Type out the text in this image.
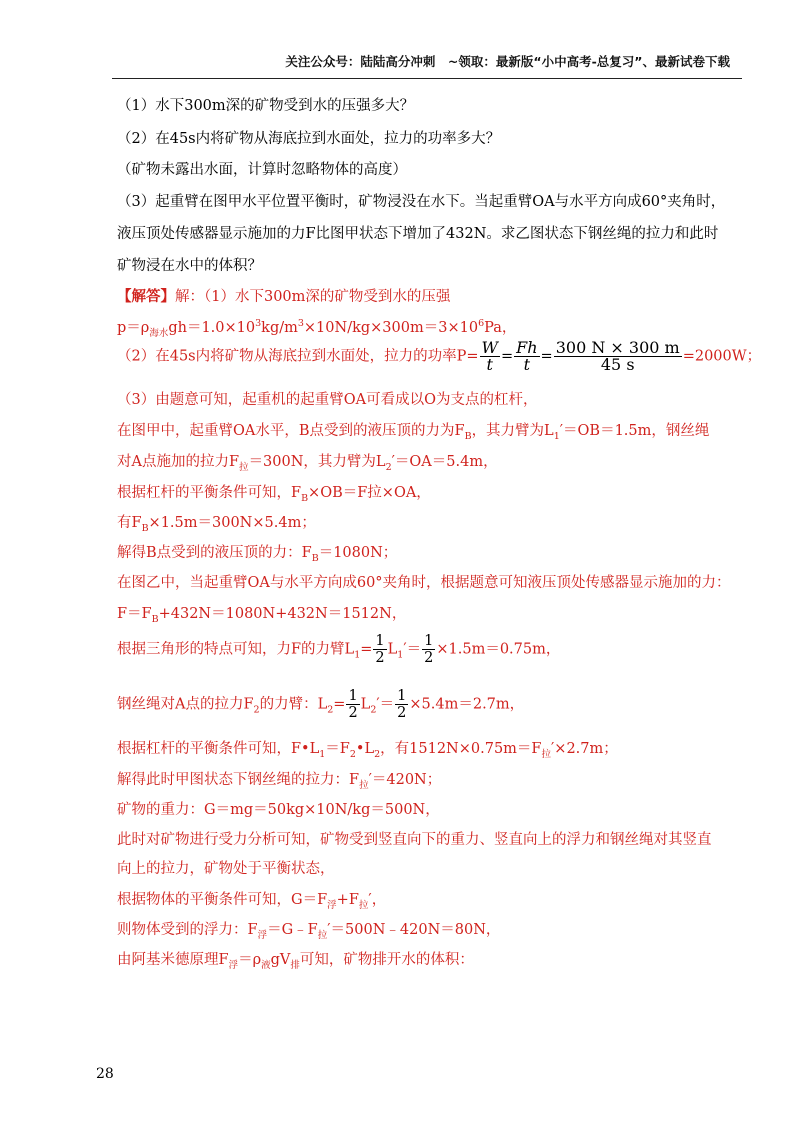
关注公众号：陆陆高分冲刺　~领取：最新版“小中高考-总复习”、最新试卷下载
（1）水下300m深的矿物受到水的压强多大？
（2）在45s内将矿物从海底拉到水面处，拉力的功率多大？
（矿物未露出水面，计算时忽略物体的高度）
（3）起重臂在图甲水平位置平衡时，矿物浸没在水下。当起重臂OA与水平方向成60°夹角时，
液压顶处传感器显示施加的力F比图甲状态下增加了432N。求乙图状态下钢丝绳的拉力和此时
矿物浸在水中的体积？
【解答】解：（1）水下300m深的矿物受到水的压强
$p=\rho_{海水}gh=1.0\times 10^3kg/m^3\times 10N/kg\times 300m=3\times 10^6Pa$，
（2）在45s内将矿物从海底拉到水面处，拉力的功率$P= \frac{W}{t} = \frac{Fh}{t} = \frac{300 N \times 300 m}{45 s} =2000W$；
（3）由题意可知，起重机的起重臂OA可看成以O为支点的杠杆，
在图甲中，起重臂OA水平，B点受到的液压顶的力为$F_B$，其力臂为$L_1'=OB=1.5m$，钢丝绳
对A点施加的拉力$F_拉=300N$，其力臂为$L_2'=OA=5.4m$，
根据杠杆的平衡条件可知，$F_B\times OB=F$拉×OA，
有$F_B\times 1.5m=300N\times 5.4m$；
解得B点受到的液压顶的力：$F_B=1080N$；
在图乙中，当起重臂OA与水平方向成60°夹角时，根据题意可知液压顶处传感器显示施加的力：
$F=F_B+432N=1080N+432N=1512N$，
根据三角形的特点可知，力F的力臂$L_1= \frac{1}{2} L_1'= \frac{1}{2} \times 1.5m=0.75m$，
钢丝绳对A点的拉力$F_2$的力臂：$L_2= \frac{1}{2} L_2'= \frac{1}{2} \times 5.4m=2.7m$，
根据杠杆的平衡条件可知，$F•L_1=F_2•L_2$，有$1512N\times 0.75m=F_拉'\times 2.7m$；
解得此时甲图状态下钢丝绳的拉力：$F_拉'=420N$；
矿物的重力：G＝mg＝50kg×10N/kg＝500N，
此时对矿物进行受力分析可知，矿物受到竖直向下的重力、竖直向上的浮力和钢丝绳对其竖直
向上的拉力，矿物处于平衡状态，
根据物体的平衡条件可知，$G=F_浮+F_拉'$，
则物体受到的浮力：$F_浮=G﹣F_拉'=500N﹣420N=80N$，
由阿基米德原理$F_浮=\rho_液gV_排$可知，矿物排开水的体积：
28
